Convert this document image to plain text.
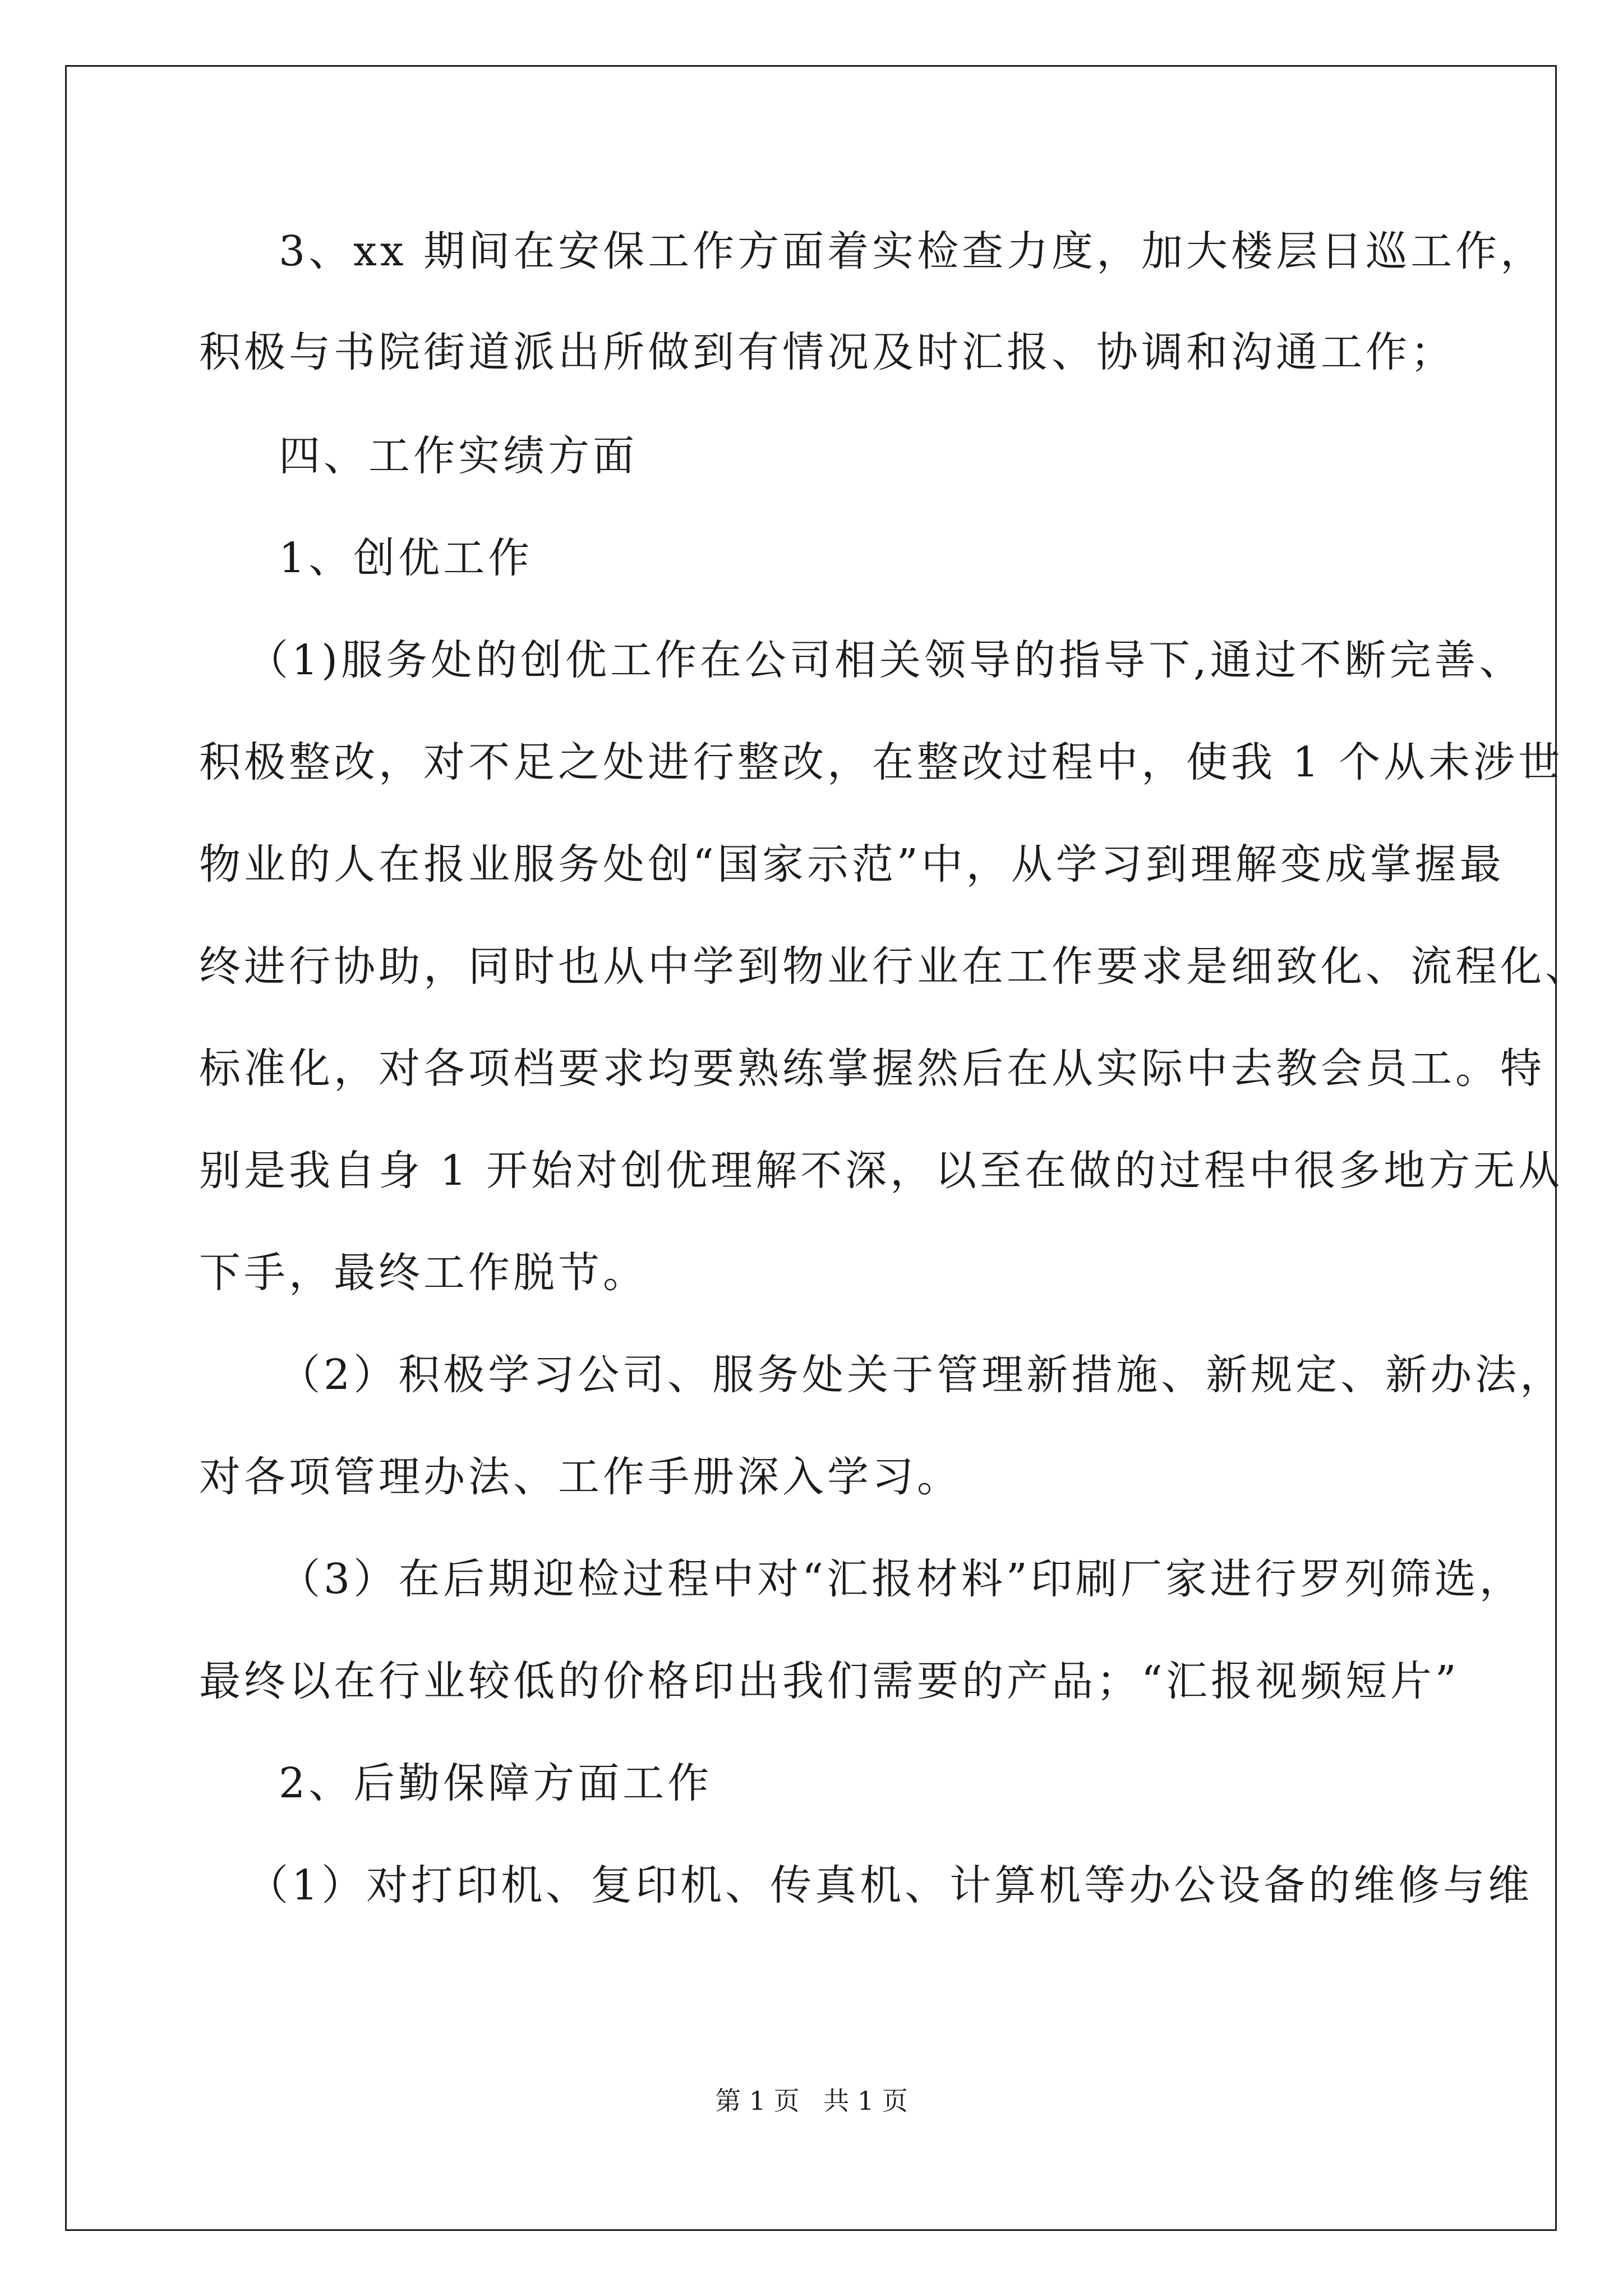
3、xx 期间在安保工作方面着实检查力度，加大楼层日巡工作，
积极与书院街道派出所做到有情况及时汇报、协调和沟通工作；
四、工作实绩方面
1、创优工作
（1)服务处的创优工作在公司相关领导的指导下,通过不断完善、
积极整改，对不足之处进行整改，在整改过程中，使我 1 个从未涉世
物业的人在报业服务处创“国家示范”中，从学习到理解变成掌握最
终进行协助，同时也从中学到物业行业在工作要求是细致化、流程化、
标准化，对各项档要求均要熟练掌握然后在从实际中去教会员工。特
别是我自身 1 开始对创优理解不深，以至在做的过程中很多地方无从
下手，最终工作脱节。
（2）积极学习公司、服务处关于管理新措施、新规定、新办法，
对各项管理办法、工作手册深入学习。
（3）在后期迎检过程中对“汇报材料”印刷厂家进行罗列筛选，
最终以在行业较低的价格印出我们需要的产品；“汇报视频短片”
2、后勤保障方面工作
（1）对打印机、复印机、传真机、计算机等办公设备的维修与维
第 1 页 共 1 页
